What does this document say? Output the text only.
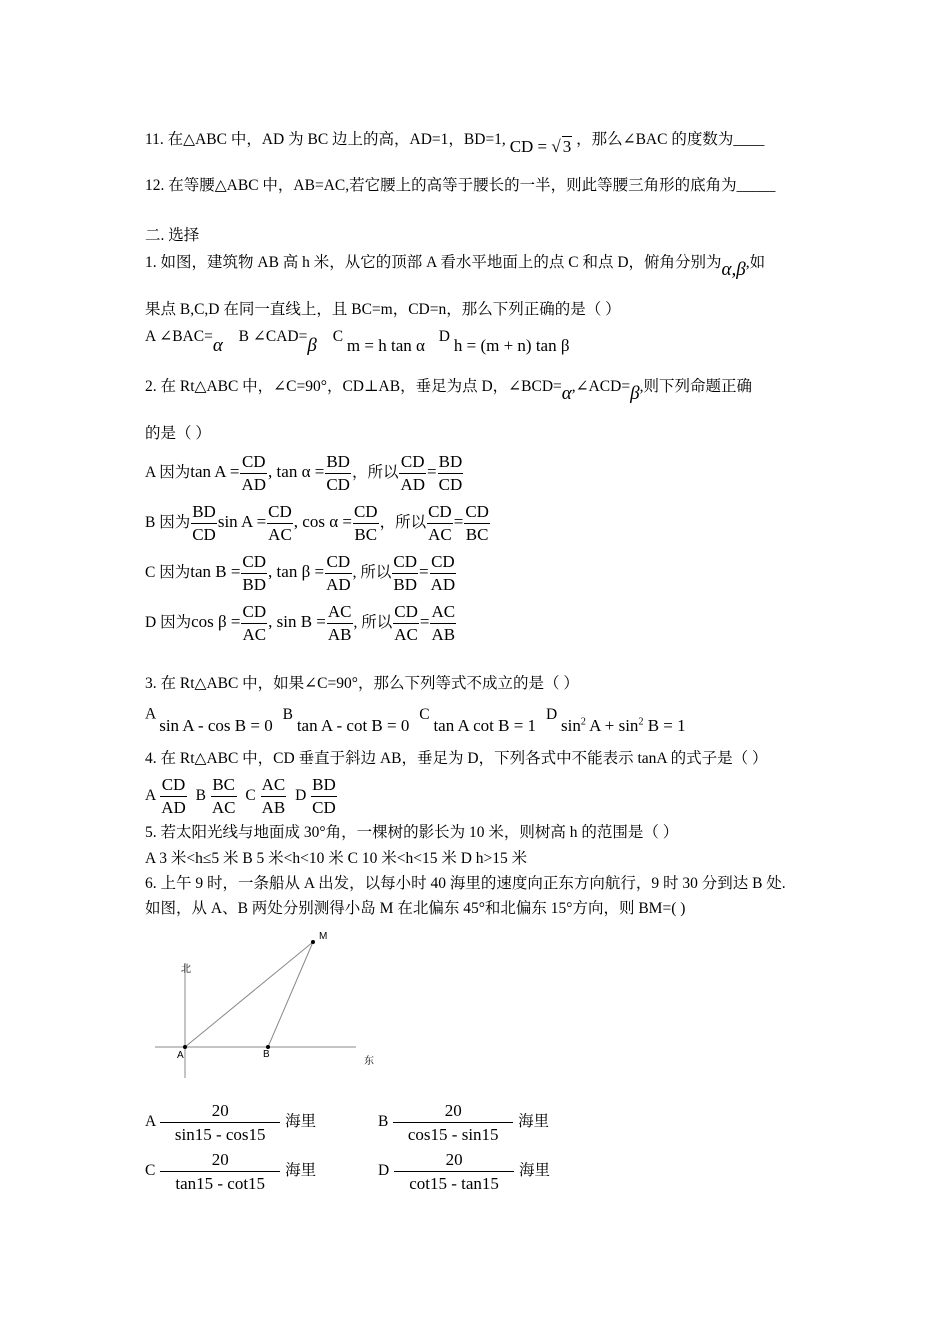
11. 在△ABC 中，AD 为 BC 边上的高，AD=1，BD=1, CD = √ 3 ，那么∠BAC 的度数为____
12. 在等腰△ABC 中，AB=AC,若它腰上的高等于腰长的一半，则此等腰三角形的底角为_____
二. 选择
1. 如图，建筑物 AB 高 h 米，从它的顶部 A 看水平地面上的点 C 和点 D，俯角分别为α,β,如
果点 B,C,D 在同一直线上，且 BC=m，CD=n，那么下列正确的是（ ）
A ∠BAC=α B ∠CAD=β C m = h tan α D h = (m + n) tan β
2. 在 Rt△ABC 中，∠C=90°，CD⊥AB，垂足为点 D，∠BCD=α,∠ACD=β,则下列命题正确
的是（ ）
A 因为$\tan A = \frac{CD}{AD}$ , $\tan \alpha = \frac{BD}{CD}$ ，所以 $\frac{CD}{AD} = \frac{BD}{CD}$
B 因为 $\frac{BD}{CD}$ $\sin A = \frac{CD}{AC}$ , $\cos \alpha = \frac{CD}{BC}$ ，所以 $\frac{CD}{AC} = \frac{CD}{BC}$
C 因为$\tan B = \frac{CD}{BD}$ , $\tan \beta = \frac{CD}{AD}$ , 所以 $\frac{CD}{BD} = \frac{CD}{AD}$
D 因为$\cos \beta = \frac{CD}{AC}$ , $\sin B = \frac{AC}{AB}$ , 所以 $\frac{CD}{AC} = \frac{AC}{AB}$
3. 在 Rt△ABC 中，如果∠C=90°，那么下列等式不成立的是（ ）
A sin A - cos B = 0 B tan A - cot B = 0 C tan A cot B = 1 D $\sin^2 A + \sin^2 B = 1$
4. 在 Rt△ABC 中，CD 垂直于斜边 AB，垂足为 D，下列各式中不能表示 tanA 的式子是（ ）
A $\frac{CD}{AD}$ B $\frac{BC}{AC}$ C $\frac{AC}{AB}$ D $\frac{BD}{CD}$
5. 若太阳光线与地面成 30°角，一棵树的影长为 10 米，则树高 h 的范围是（ ）
A 3 米<h≤5 米 B 5 米<h<10 米 C 10 米<h<15 米 D h>15 米
6. 上午 9 时，一条船从 A 出发，以每小时 40 海里的速度向正东方向航行，9 时 30 分到达 B 处.
如图，从 A、B 两处分别测得小岛 M 在北偏东 45°和北偏东 15°方向，则 BM=( )
M
北
A	B
东
A $\frac{20}{\sin 15 - \cos 15}$ 海里	B $\frac{20}{\cos 15 - \sin 15}$ 海里
C $\frac{20}{\tan 15 - \cot 15}$ 海里	D $\frac{20}{\cot 15 - \tan 15}$ 海里
